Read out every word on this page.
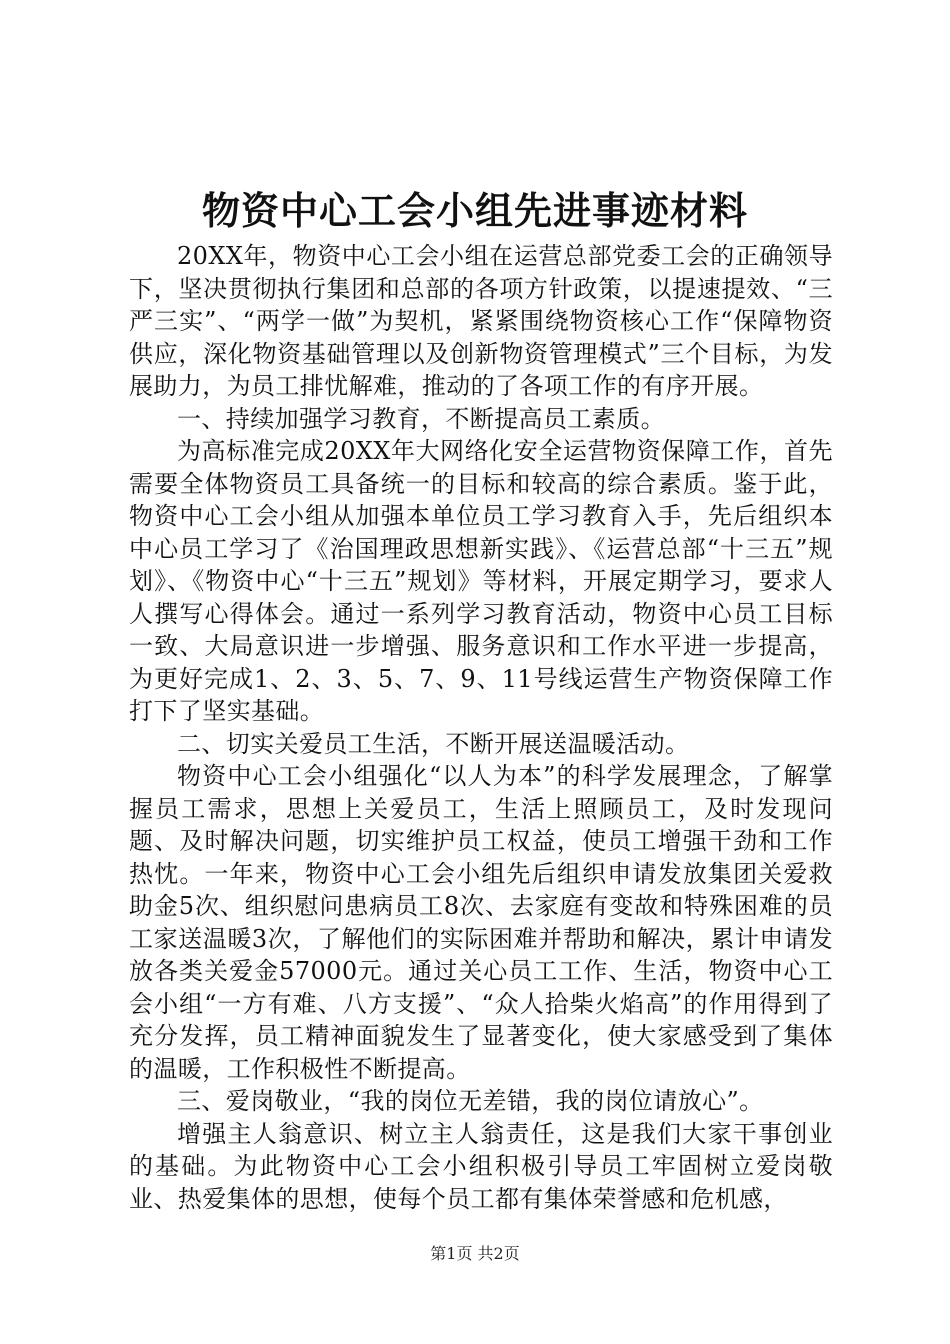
物资中心工会小组先进事迹材料

20XX年，物资中心工会小组在运营总部党委工会的正确领导下，坚决贯彻执行集团和总部的各项方针政策，以提速提效、“三严三实”、“两学一做”为契机，紧紧围绕物资核心工作“保障物资供应，深化物资基础管理以及创新物资管理模式”三个目标，为发展助力，为员工排忧解难，推动的了各项工作的有序开展。

一、持续加强学习教育，不断提高员工素质。

为高标准完成20XX年大网络化安全运营物资保障工作，首先需要全体物资员工具备统一的目标和较高的综合素质。鉴于此，物资中心工会小组从加强本单位员工学习教育入手，先后组织本中心员工学习了《治国理政思想新实践》、《运营总部“十三五”规划》、《物资中心“十三五”规划》等材料，开展定期学习，要求人人撰写心得体会。通过一系列学习教育活动，物资中心员工目标一致、大局意识进一步增强、服务意识和工作水平进一步提高，为更好完成1、2、3、5、7、9、11号线运营生产物资保障工作打下了坚实基础。

二、切实关爱员工生活，不断开展送温暖活动。

物资中心工会小组强化“以人为本”的科学发展理念，了解掌握员工需求，思想上关爱员工，生活上照顾员工，及时发现问题、及时解决问题，切实维护员工权益，使员工增强干劲和工作热忱。一年来，物资中心工会小组先后组织申请发放集团关爱救助金5次、组织慰问患病员工8次、去家庭有变故和特殊困难的员工家送温暖3次，了解他们的实际困难并帮助和解决，累计申请发放各类关爱金57000元。通过关心员工工作、生活，物资中心工会小组“一方有难、八方支援”、“众人拾柴火焰高”的作用得到了充分发挥，员工精神面貌发生了显著变化，使大家感受到了集体的温暖，工作积极性不断提高。

三、爱岗敬业，“我的岗位无差错，我的岗位请放心”。

增强主人翁意识、树立主人翁责任，这是我们大家干事创业的基础。为此物资中心工会小组积极引导员工牢固树立爱岗敬业、热爱集体的思想，使每个员工都有集体荣誉感和危机感，

第1页 共2页
